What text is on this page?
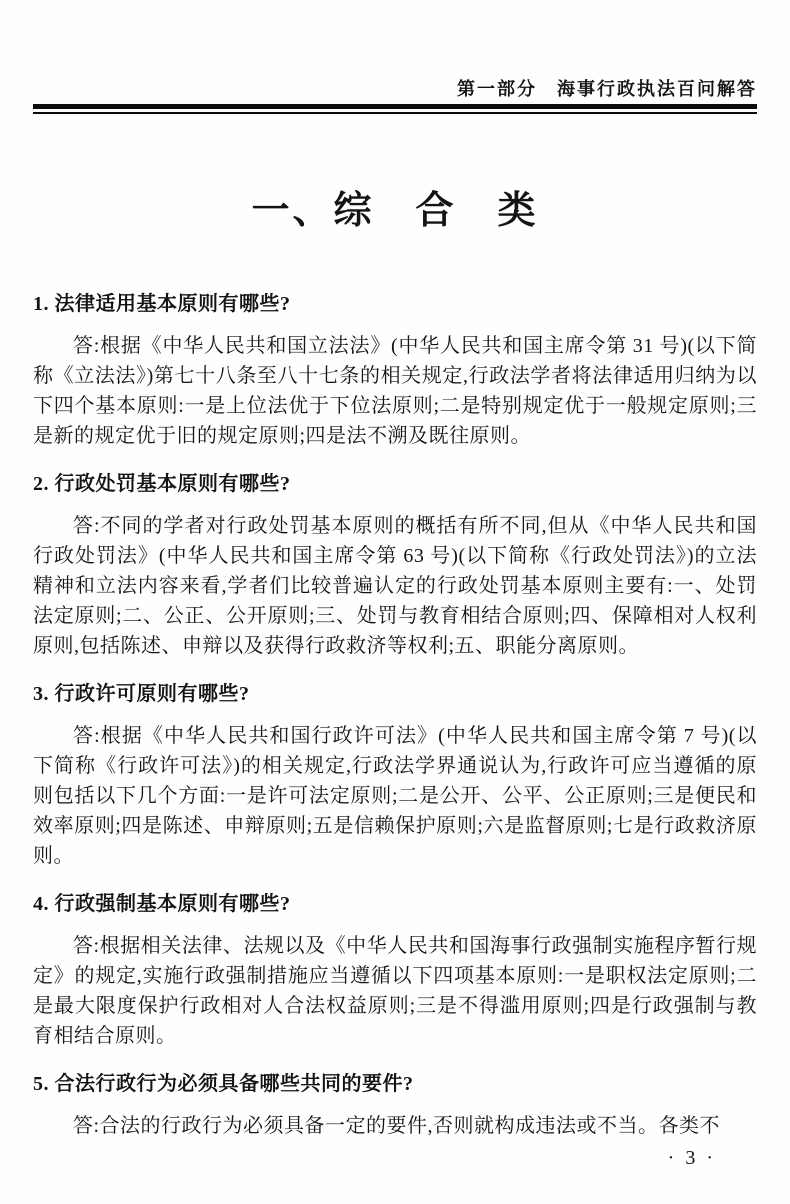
第一部分　海事行政执法百问解答
一、综　合　类
1. 法律适用基本原则有哪些?

答:根据《中华人民共和国立法法》(中华人民共和国主席令第 31 号)(以下简称《立法法》)第七十八条至八十七条的相关规定,行政法学者将法律适用归纳为以下四个基本原则:一是上位法优于下位法原则;二是特别规定优于一般规定原则;三是新的规定优于旧的规定原则;四是法不溯及既往原则。

2. 行政处罚基本原则有哪些?

答:不同的学者对行政处罚基本原则的概括有所不同,但从《中华人民共和国行政处罚法》(中华人民共和国主席令第 63 号)(以下简称《行政处罚法》)的立法精神和立法内容来看,学者们比较普遍认定的行政处罚基本原则主要有:一、处罚法定原则;二、公正、公开原则;三、处罚与教育相结合原则;四、保障相对人权利原则,包括陈述、申辩以及获得行政救济等权利;五、职能分离原则。

3. 行政许可原则有哪些?

答:根据《中华人民共和国行政许可法》(中华人民共和国主席令第 7 号)(以下简称《行政许可法》)的相关规定,行政法学界通说认为,行政许可应当遵循的原则包括以下几个方面:一是许可法定原则;二是公开、公平、公正原则;三是便民和效率原则;四是陈述、申辩原则;五是信赖保护原则;六是监督原则;七是行政救济原则。

4. 行政强制基本原则有哪些?

答:根据相关法律、法规以及《中华人民共和国海事行政强制实施程序暂行规定》的规定,实施行政强制措施应当遵循以下四项基本原则:一是职权法定原则;二是最大限度保护行政相对人合法权益原则;三是不得滥用原则;四是行政强制与教育相结合原则。

5. 合法行政行为必须具备哪些共同的要件?

答:合法的行政行为必须具备一定的要件,否则就构成违法或不当。各类不

· 3 ·
